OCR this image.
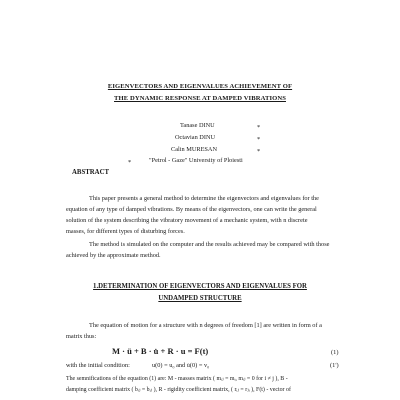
EIGENVECTORS AND EIGENVALUES ACHIEVEMENT OF
THE DYNAMIC RESPONSE AT DAMPED VIBRATIONS
Tanase DINU	*
Octavian DINU	*
Calin MURESAN	*
*	"Petrol - Gaze" University of Ploiesti
ABSTRACT
This paper presents a general method to determine the eigenvectors and eigenvalues for the
equation of any type of damped vibrations. By means of the eigenvectors, one can write the general
solution of the system describing the vibratory movement of a mechanic system, with n discrete
masses, for different types of disturbing forces.
The method is simulated on the computer and the results achieved may be compared with those
achieved by the approximate method.
1.DETERMINATION OF EIGENVECTORS AND EIGENVALUES FOR
UNDAMPED STRUCTURE
The equation of motion for a structure with n degrees of freedom [1] are written in form of a
matrix thus:
M · ü + B · u̇ + R · u = F(t)	(1)
with the initial condition:	u(0) = u₀ and u̇(0) = v₀	(1')
The semnifications of the equation (1) are: M - masses matrix ( mᵢⱼ = mᵢ, mᵢⱼ = 0 for i ≠ j ), B -
damping coefficient matrix ( bᵢⱼ = bᵢⱼ ), R - rigidity coefficient matrix, ( rᵢⱼ = rⱼᵢ ), F(t) - vector of
